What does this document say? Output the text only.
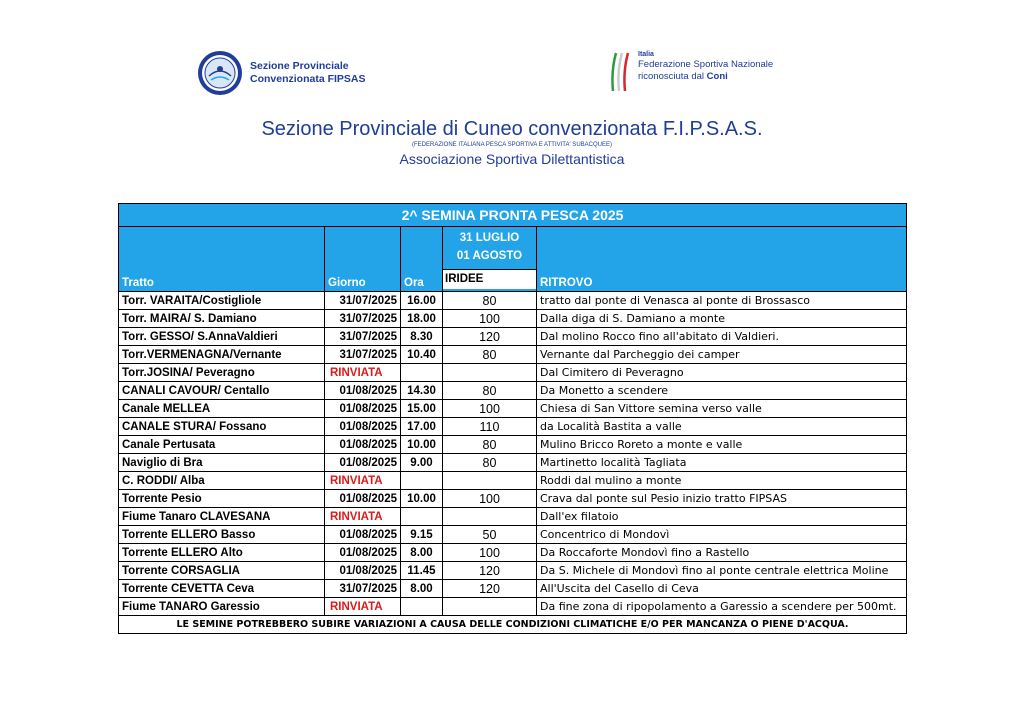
Sezione Provinciale
Convenzionata FIPSAS
Italia
Federazione Sportiva Nazionale
riconosciuta dal Coni
Sezione Provinciale di Cuneo convenzionata F.I.P.S.A.S.
(FEDERAZIONE ITALIANA PESCA SPORTIVA E ATTIVITA' SUBACQUEE)
Associazione Sportiva Dilettantistica
2^ SEMINA PRONTA PESCA 2025				
Tratto	Giorno	Ora	31 LUGLIO
01 AGOSTO
IRIDEE	RITROVO
Torr. VARAITA/Costigliole	31/07/2025	16.00	80	tratto dal ponte di Venasca al ponte di Brossasco
Torr. MAIRA/ S. Damiano	31/07/2025	18.00	100	Dalla diga di S. Damiano a monte
Torr. GESSO/ S.AnnaValdieri	31/07/2025	8.30	120	Dal molino Rocco fino all'abitato di Valdieri.
Torr.VERMENAGNA/Vernante	31/07/2025	10.40	80	Vernante dal Parcheggio dei camper
Torr.JOSINA/ Peveragno	RINVIATA			Dal Cimitero di Peveragno
CANALI CAVOUR/ Centallo	01/08/2025	14.30	80	Da Monetto a scendere
Canale MELLEA	01/08/2025	15.00	100	Chiesa di San Vittore semina verso valle
CANALE STURA/ Fossano	01/08/2025	17.00	110	da Località Bastita a valle
Canale Pertusata	01/08/2025	10.00	80	Mulino Bricco Roreto a monte e valle
Naviglio di Bra	01/08/2025	9.00	80	Martinetto località Tagliata
C. RODDI/ Alba	RINVIATA			Roddi dal mulino a monte
Torrente Pesio	01/08/2025	10.00	100	Crava dal ponte sul Pesio inizio tratto FIPSAS
Fiume Tanaro CLAVESANA	RINVIATA			Dall'ex filatoio
Torrente ELLERO Basso	01/08/2025	9.15	50	Concentrico di Mondovì
Torrente ELLERO Alto	01/08/2025	8.00	100	Da Roccaforte Mondovì fino a Rastello
Torrente CORSAGLIA	01/08/2025	11.45	120	Da S. Michele di Mondovì fino al ponte centrale elettrica Moline
Torrente CEVETTA Ceva	31/07/2025	8.00	120	All'Uscita del Casello di Ceva
Fiume TANARO Garessio	RINVIATA			Da fine zona di ripopolamento a Garessio a scendere per 500mt.
LE SEMINE POTREBBERO SUBIRE VARIAZIONI A CAUSA DELLE CONDIZIONI CLIMATICHE E/O PER MANCANZA O PIENE D'ACQUA.				
